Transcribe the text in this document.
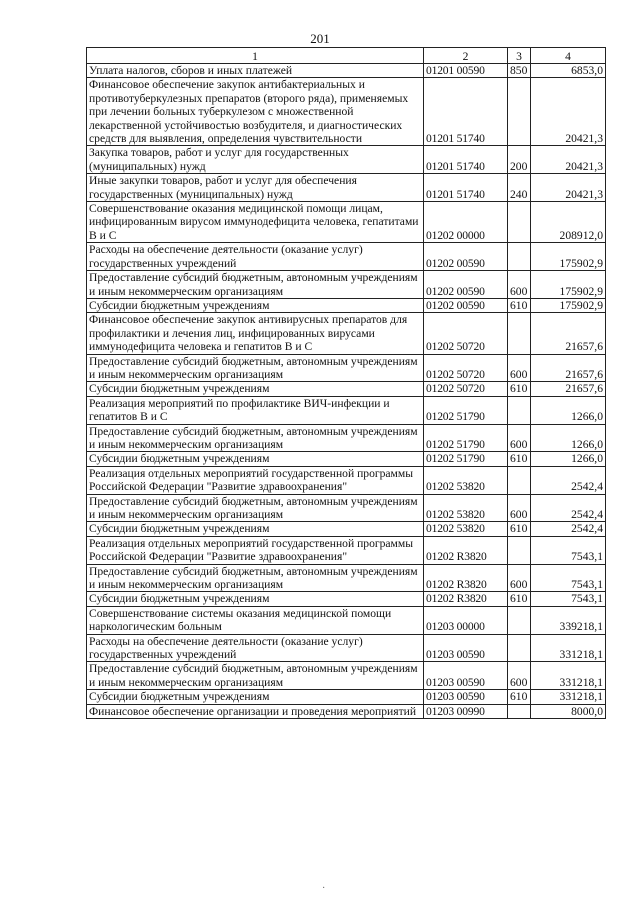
201
1	2	3	4
Уплата налогов, сборов и иных платежей	01201 00590	850	6853,0
Финансовое обеспечение закупок антибактериальных и противотуберкулезных препаратов (второго ряда), применяемых при лечении больных туберкулезом с множественной лекарственной устойчивостью возбудителя, и диагностических средств для выявления, определения чувствительности	01201 51740		20421,3
Закупка товаров, работ и услуг для государственных (муниципальных) нужд	01201 51740	200	20421,3
Иные закупки товаров, работ и услуг для обеспечения государственных (муниципальных) нужд	01201 51740	240	20421,3
Совершенствование оказания медицинской помощи лицам, инфицированным вирусом иммунодефицита человека, гепатитами В и С	01202 00000		208912,0
Расходы на обеспечение деятельности (оказание услуг) государственных учреждений	01202 00590		175902,9
Предоставление субсидий бюджетным, автономным учреждениям и иным некоммерческим организациям	01202 00590	600	175902,9
Субсидии бюджетным учреждениям	01202 00590	610	175902,9
Финансовое обеспечение закупок антивирусных препаратов для профилактики и лечения лиц, инфицированных вирусами иммунодефицита человека и гепатитов В и С	01202 50720		21657,6
Предоставление субсидий бюджетным, автономным учреждениям и иным некоммерческим организациям	01202 50720	600	21657,6
Субсидии бюджетным учреждениям	01202 50720	610	21657,6
Реализация мероприятий по профилактике ВИЧ-инфекции и гепатитов В и С	01202 51790		1266,0
Предоставление субсидий бюджетным, автономным учреждениям и иным некоммерческим организациям	01202 51790	600	1266,0
Субсидии бюджетным учреждениям	01202 51790	610	1266,0
Реализация отдельных мероприятий государственной программы Российской Федерации "Развитие здравоохранения"	01202 53820		2542,4
Предоставление субсидий бюджетным, автономным учреждениям и иным некоммерческим организациям	01202 53820	600	2542,4
Субсидии бюджетным учреждениям	01202 53820	610	2542,4
Реализация отдельных мероприятий государственной программы Российской Федерации "Развитие здравоохранения"	01202 R3820		7543,1
Предоставление субсидий бюджетным, автономным учреждениям и иным некоммерческим организациям	01202 R3820	600	7543,1
Субсидии бюджетным учреждениям	01202 R3820	610	7543,1
Совершенствование системы оказания медицинской помощи наркологическим больным	01203 00000		339218,1
Расходы на обеспечение деятельности (оказание услуг) государственных учреждений	01203 00590		331218,1
Предоставление субсидий бюджетным, автономным учреждениям и иным некоммерческим организациям	01203 00590	600	331218,1
Субсидии бюджетным учреждениям	01203 00590	610	331218,1
Финансовое обеспечение организации и проведения мероприятий	01203 00990		8000,0
·
